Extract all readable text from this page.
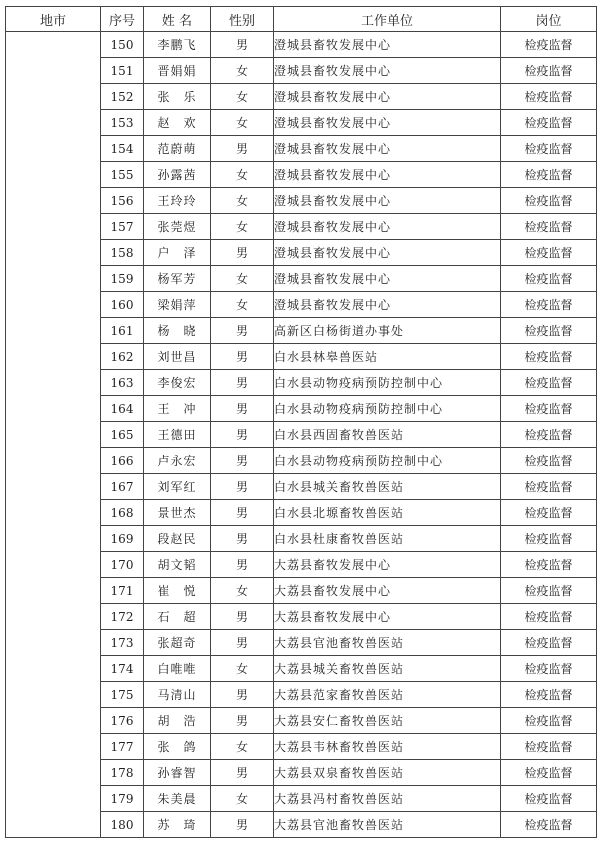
地市	序号	姓 名	性别	工作单位	岗位
	150	李鹏飞	男	澄城县畜牧发展中心	检疫监督
	151	晋娟娟	女	澄城县畜牧发展中心	检疫监督
	152	张　乐	女	澄城县畜牧发展中心	检疫监督
	153	赵　欢	女	澄城县畜牧发展中心	检疫监督
	154	范蔚萌	男	澄城县畜牧发展中心	检疫监督
	155	孙露茜	女	澄城县畜牧发展中心	检疫监督
	156	王玲玲	女	澄城县畜牧发展中心	检疫监督
	157	张莞煜	女	澄城县畜牧发展中心	检疫监督
	158	户　泽	男	澄城县畜牧发展中心	检疫监督
	159	杨军芳	女	澄城县畜牧发展中心	检疫监督
	160	梁娟萍	女	澄城县畜牧发展中心	检疫监督
	161	杨　晓	男	高新区白杨街道办事处	检疫监督
	162	刘世昌	男	白水县林皋兽医站	检疫监督
	163	李俊宏	男	白水县动物疫病预防控制中心	检疫监督
	164	王　冲	男	白水县动物疫病预防控制中心	检疫监督
	165	王德田	男	白水县西固畜牧兽医站	检疫监督
	166	卢永宏	男	白水县动物疫病预防控制中心	检疫监督
	167	刘军红	男	白水县城关畜牧兽医站	检疫监督
	168	景世杰	男	白水县北塬畜牧兽医站	检疫监督
	169	段赵民	男	白水县杜康畜牧兽医站	检疫监督
	170	胡文韬	男	大荔县畜牧发展中心	检疫监督
	171	崔　悦	女	大荔县畜牧发展中心	检疫监督
	172	石　超	男	大荔县畜牧发展中心	检疫监督
	173	张超奇	男	大荔县官池畜牧兽医站	检疫监督
	174	白唯唯	女	大荔县城关畜牧兽医站	检疫监督
	175	马清山	男	大荔县范家畜牧兽医站	检疫监督
	176	胡　浩	男	大荔县安仁畜牧兽医站	检疫监督
	177	张　鸽	女	大荔县韦林畜牧兽医站	检疫监督
	178	孙睿智	男	大荔县双泉畜牧兽医站	检疫监督
	179	朱美晨	女	大荔县冯村畜牧兽医站	检疫监督
	180	苏　琦	男	大荔县官池畜牧兽医站	检疫监督
